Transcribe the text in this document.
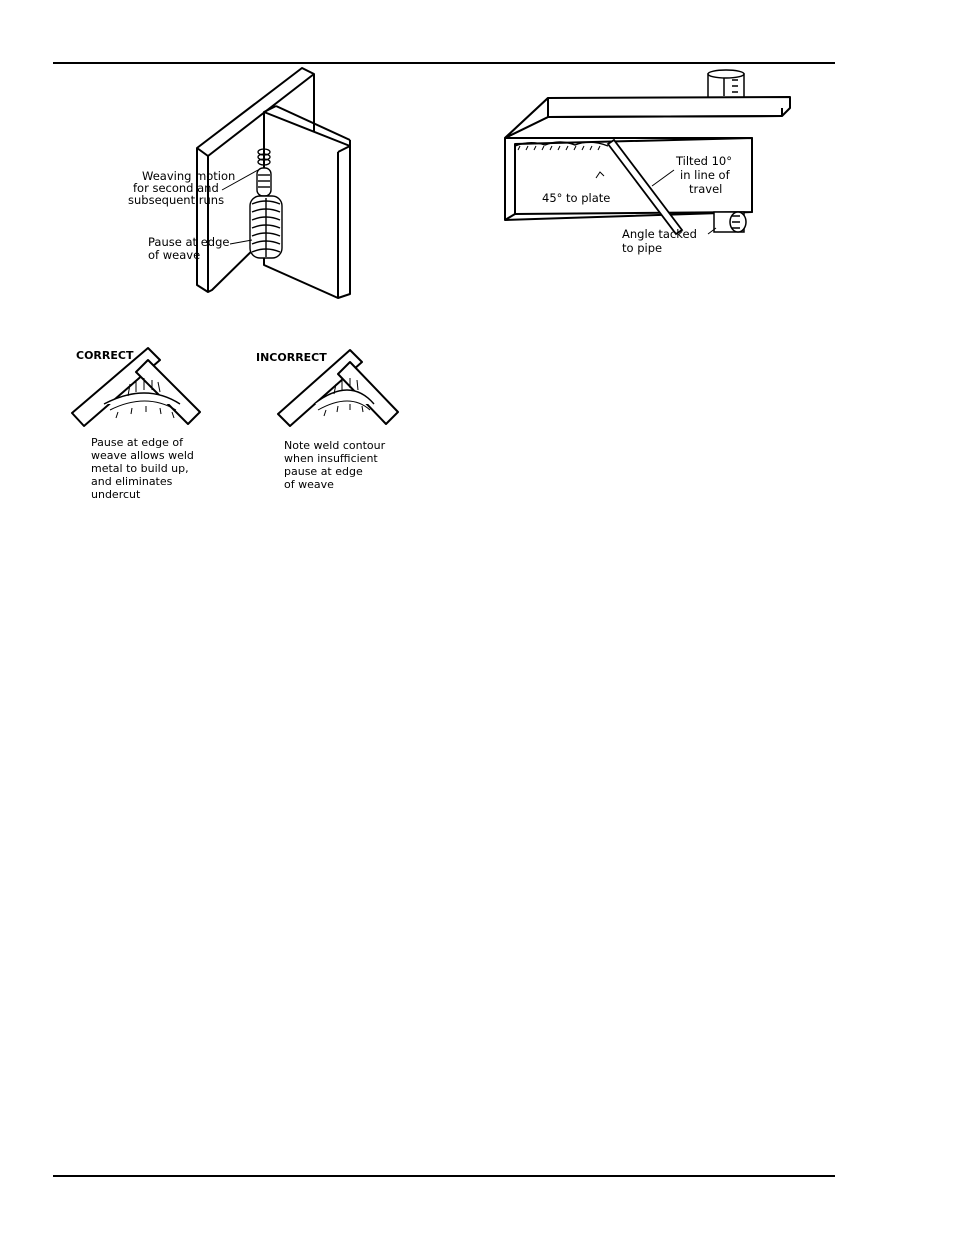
Weaving motion
for second and
subsequent runs
Pause at edge
of weave
45° to plate
Tilted 10°
in line of
travel
Angle tacked
to pipe
CORRECT
Pause at edge of
weave allows weld
metal to build up,
and eliminates
undercut
INCORRECT
Note weld contour
when insufficient
pause at edge
of weave
